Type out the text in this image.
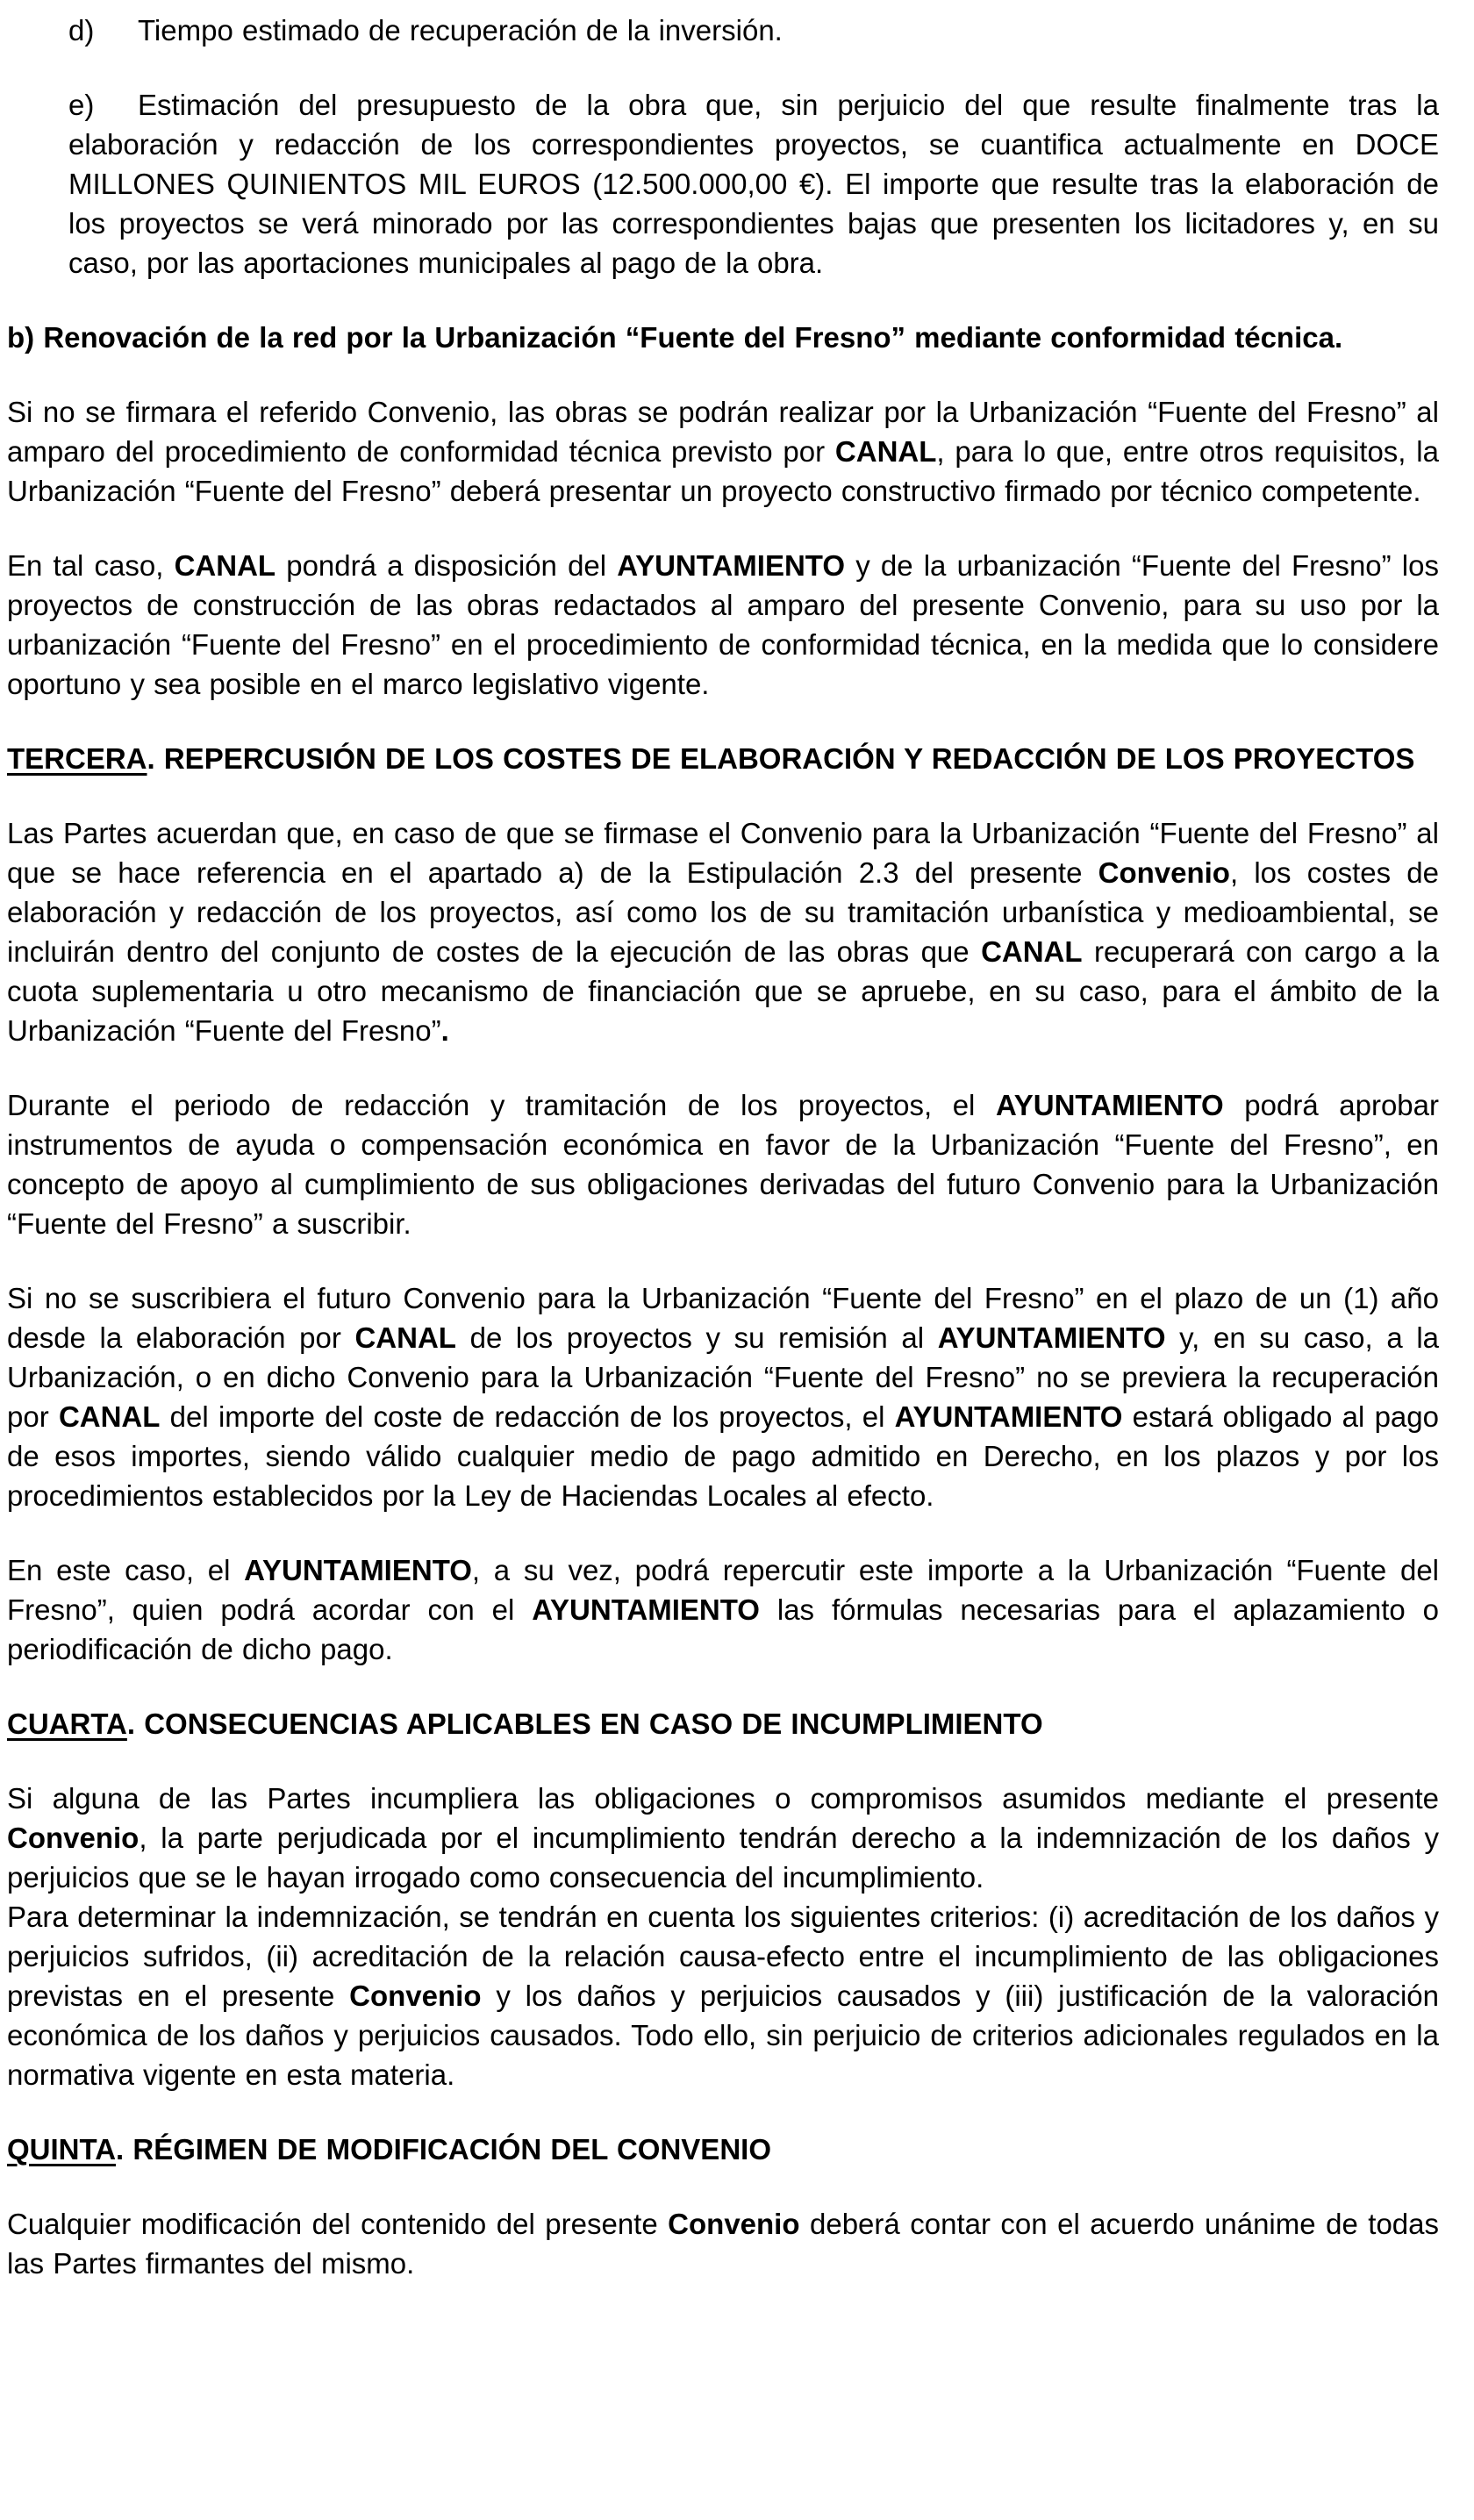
d) Tiempo estimado de recuperación de la inversión.
e) Estimación del presupuesto de la obra que, sin perjuicio del que resulte finalmente tras la elaboración y redacción de los correspondientes proyectos, se cuantifica actualmente en DOCE MILLONES QUINIENTOS MIL EUROS (12.500.000,00 €). El importe que resulte tras la elaboración de los proyectos se verá minorado por las correspondientes bajas que presenten los licitadores y, en su caso, por las aportaciones municipales al pago de la obra.
b) Renovación de la red por la Urbanización “Fuente del Fresno” mediante conformidad técnica.
Si no se firmara el referido Convenio, las obras se podrán realizar por la Urbanización “Fuente del Fresno” al amparo del procedimiento de conformidad técnica previsto por CANAL, para lo que, entre otros requisitos, la Urbanización “Fuente del Fresno” deberá presentar un proyecto constructivo firmado por técnico competente.
En tal caso, CANAL pondrá a disposición del AYUNTAMIENTO y de la urbanización “Fuente del Fresno” los proyectos de construcción de las obras redactados al amparo del presente Convenio, para su uso por la urbanización “Fuente del Fresno” en el procedimiento de conformidad técnica, en la medida que lo considere oportuno y sea posible en el marco legislativo vigente.
TERCERA. REPERCUSIÓN DE LOS COSTES DE ELABORACIÓN Y REDACCIÓN DE LOS PROYECTOS
Las Partes acuerdan que, en caso de que se firmase el Convenio para la Urbanización “Fuente del Fresno” al que se hace referencia en el apartado a) de la Estipulación 2.3 del presente Convenio, los costes de elaboración y redacción de los proyectos, así como los de su tramitación urbanística y medioambiental, se incluirán dentro del conjunto de costes de la ejecución de las obras que CANAL recuperará con cargo a la cuota suplementaria u otro mecanismo de financiación que se apruebe, en su caso, para el ámbito de la Urbanización “Fuente del Fresno”.
Durante el periodo de redacción y tramitación de los proyectos, el AYUNTAMIENTO podrá aprobar instrumentos de ayuda o compensación económica en favor de la Urbanización “Fuente del Fresno”, en concepto de apoyo al cumplimiento de sus obligaciones derivadas del futuro Convenio para la Urbanización “Fuente del Fresno” a suscribir.
Si no se suscribiera el futuro Convenio para la Urbanización “Fuente del Fresno” en el plazo de un (1) año desde la elaboración por CANAL de los proyectos y su remisión al AYUNTAMIENTO y, en su caso, a la Urbanización, o en dicho Convenio para la Urbanización “Fuente del Fresno” no se previera la recuperación por CANAL del importe del coste de redacción de los proyectos, el AYUNTAMIENTO estará obligado al pago de esos importes, siendo válido cualquier medio de pago admitido en Derecho, en los plazos y por los procedimientos establecidos por la Ley de Haciendas Locales al efecto.
En este caso, el AYUNTAMIENTO, a su vez, podrá repercutir este importe a la Urbanización “Fuente del Fresno”, quien podrá acordar con el AYUNTAMIENTO las fórmulas necesarias para el aplazamiento o periodificación de dicho pago.
CUARTA. CONSECUENCIAS APLICABLES EN CASO DE INCUMPLIMIENTO
Si alguna de las Partes incumpliera las obligaciones o compromisos asumidos mediante el presente Convenio, la parte perjudicada por el incumplimiento tendrán derecho a la indemnización de los daños y perjuicios que se le hayan irrogado como consecuencia del incumplimiento.
Para determinar la indemnización, se tendrán en cuenta los siguientes criterios: (i) acreditación de los daños y perjuicios sufridos, (ii) acreditación de la relación causa-efecto entre el incumplimiento de las obligaciones previstas en el presente Convenio y los daños y perjuicios causados y (iii) justificación de la valoración económica de los daños y perjuicios causados. Todo ello, sin perjuicio de criterios adicionales regulados en la normativa vigente en esta materia.
QUINTA. RÉGIMEN DE MODIFICACIÓN DEL CONVENIO
Cualquier modificación del contenido del presente Convenio deberá contar con el acuerdo unánime de todas las Partes firmantes del mismo.
